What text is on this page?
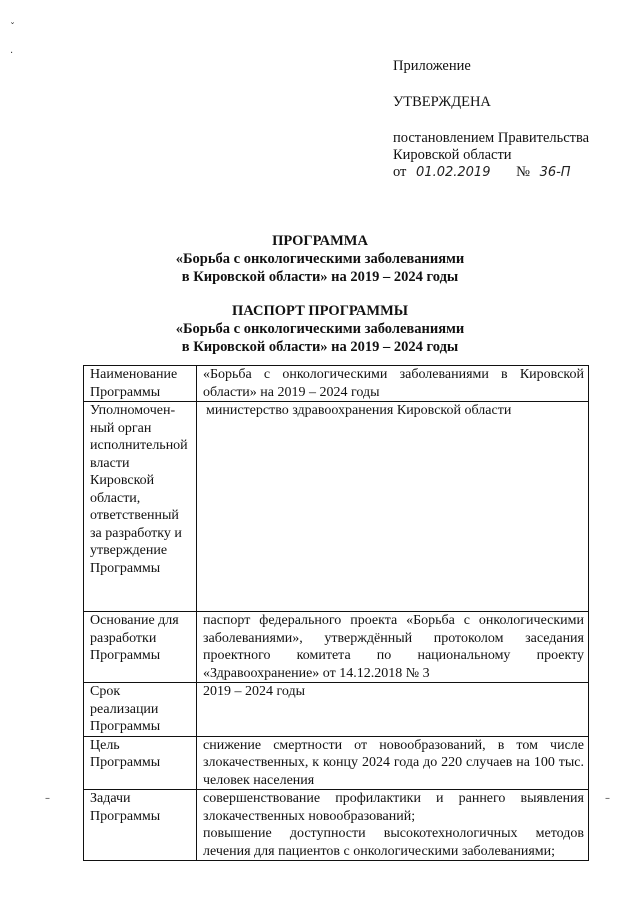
Приложение
УТВЕРЖДЕНА
постановлением Правительства
Кировской области
от 01.02.2019 № 36-П
ПРОГРАММА
«Борьба с онкологическими заболеваниями
в Кировской области» на 2019 – 2024 годы
ПАСПОРТ ПРОГРАММЫ
«Борьба с онкологическими заболеваниями
в Кировской области» на 2019 – 2024 годы
Наименование Программы	«Борьба с онкологическими заболеваниями в Кировской области» на 2019 – 2024 годы
Уполномочен-ный орган исполнительной власти Кировской области, ответственный за разработку и утверждение Программы	министерство здравоохранения Кировской области
Основание для разработки Программы	паспорт федерального проекта «Борьба с онкологическими заболеваниями», утверждённый протоколом заседания проектного комитета по национальному проекту «Здравоохранение» от 14.12.2018 № 3
Срок реализации Программы	2019 – 2024 годы
Цель Программы	снижение смертности от новообразований, в том числе злокачественных, к концу 2024 года до 220 случаев на 100 тыс. человек населения
Задачи Программы	совершенствование профилактики и раннего выявления злокачественных новообразований;
повышение доступности высокотехнологичных методов лечения для пациентов с онкологическими заболеваниями;
ˇ
·
–	–
